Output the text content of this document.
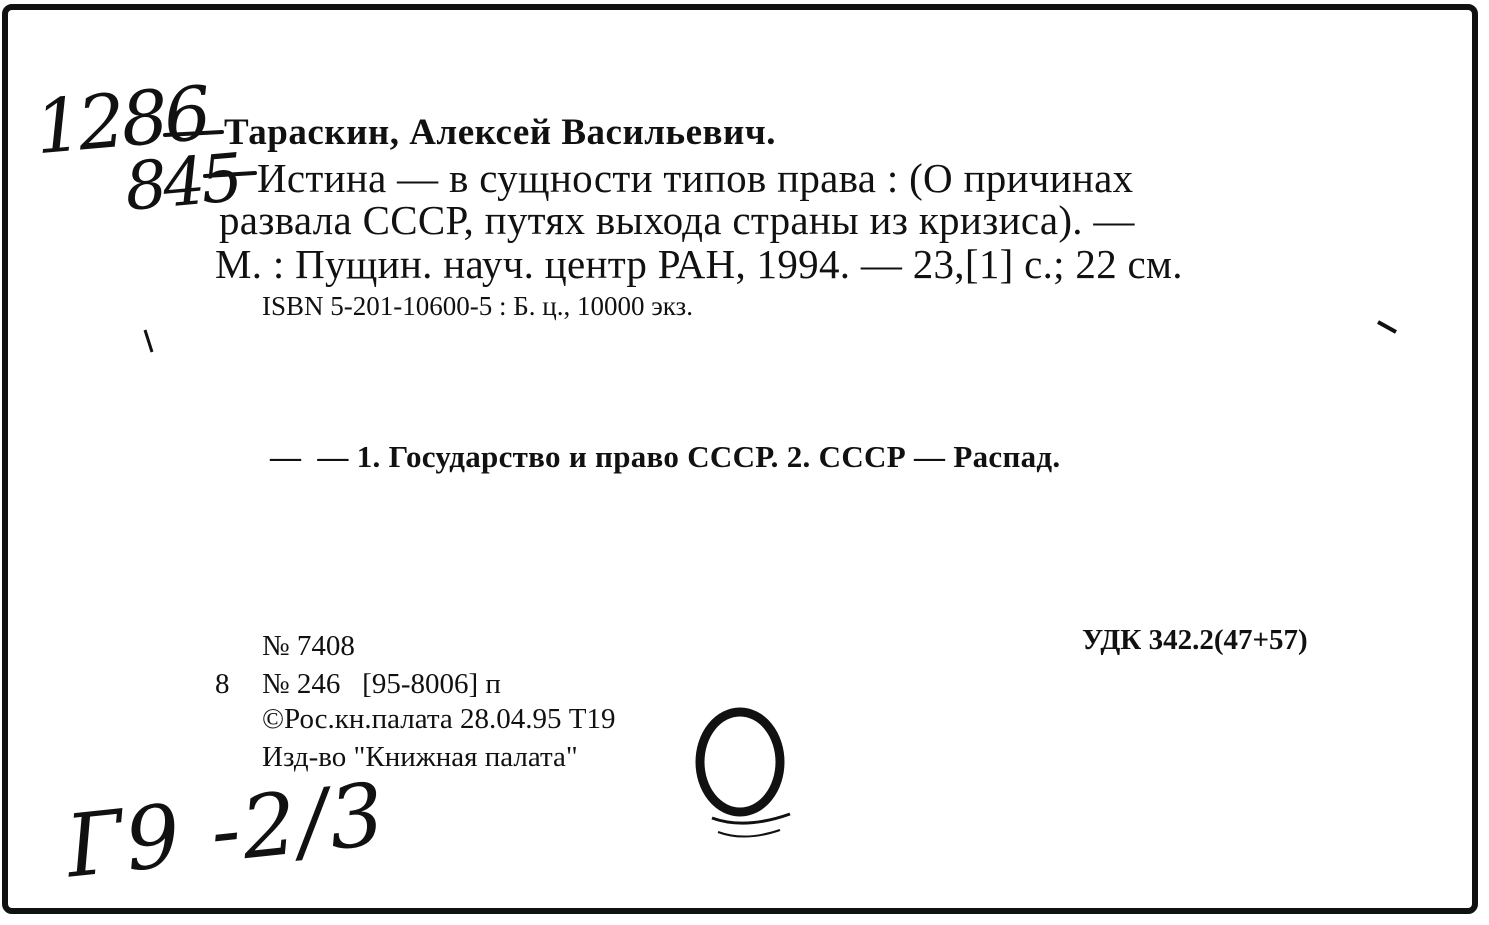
1286
845
Тараскин, Алексей Васильевич.
Истина — в сущности типов права : (О причинах
развала СССР, путях выхода страны из кризиса). —
М. : Пущин. науч. центр РАН, 1994. — 23,[1] с.; 22 см.
ISBN 5-201-10600-5 : Б. ц., 10000 экз.
—  — 1. Государство и право СССР. 2. СССР — Распад.
№ 7408	УДК 342.2(47+57)
8 № 246   [95-8006] п
©Рос.кн.палата 28.04.95 Т19
Изд-во "Книжная палата"
Г9 -2/3
